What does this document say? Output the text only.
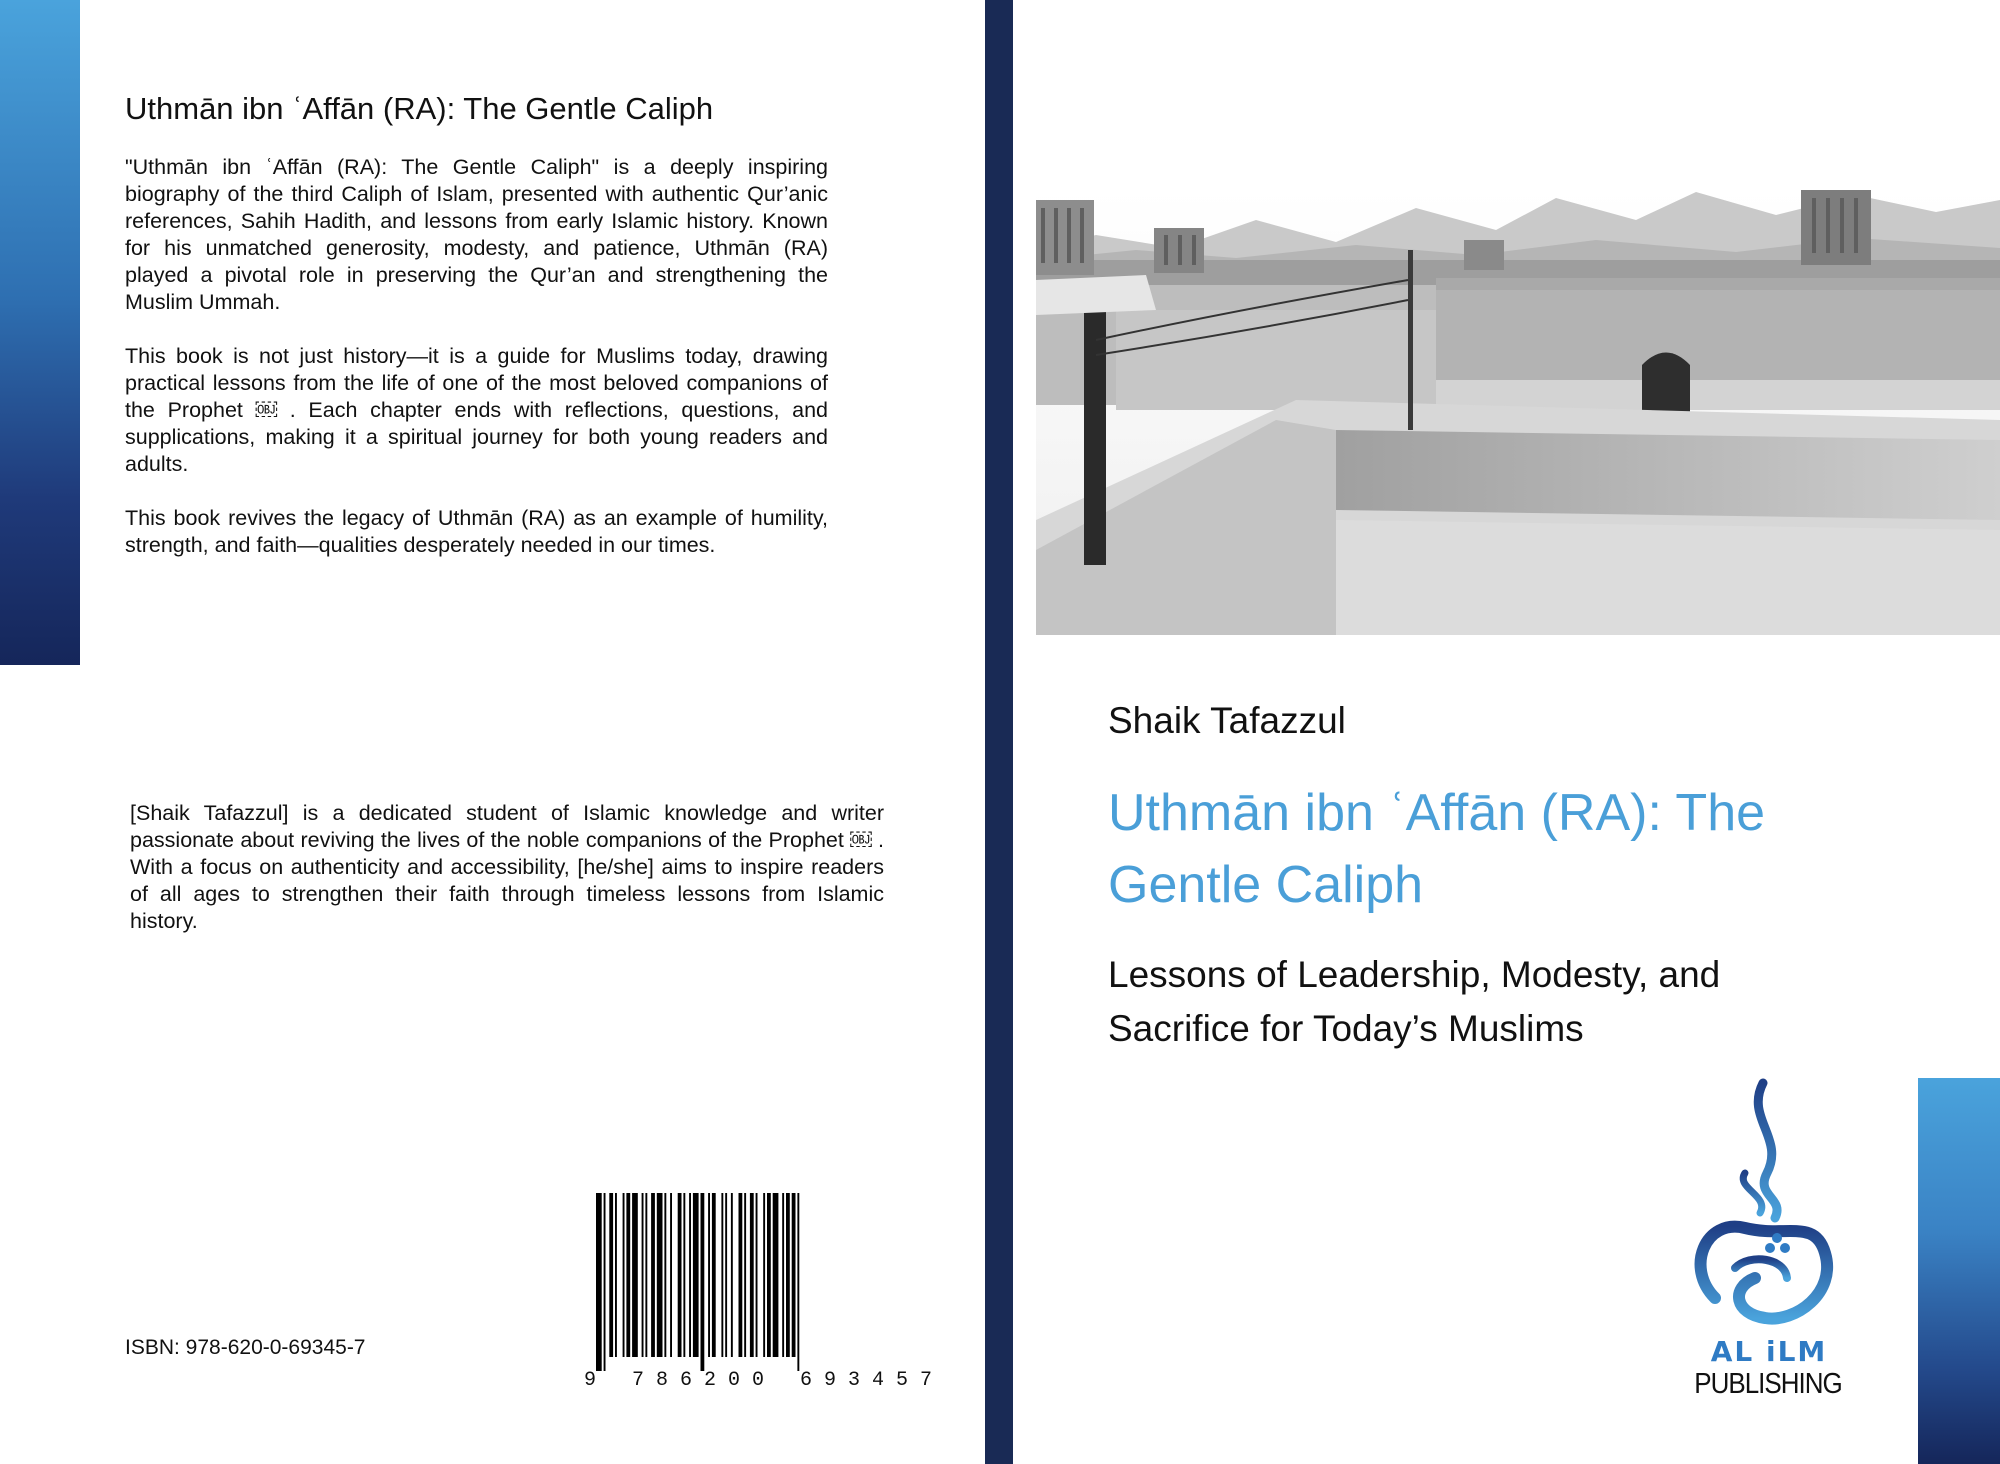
Uthmān ibn ʿAffān (RA): The Gentle Caliph

"Uthmān ibn ʿAffān (RA): The Gentle Caliph" is a deeply inspiring biography of the third Caliph of Islam, presented with authentic Qur’anic references, Sahih Hadith, and lessons from early Islamic history. Known for his unmatched generosity, modesty, and patience, Uthmān (RA) played a pivotal role in preserving the Qur’an and strengthening the Muslim Ummah.

This book is not just history—it is a guide for Muslims today, drawing practical lessons from the life of one of the most beloved companions of the Prophet ￼ . Each chapter ends with reflections, questions, and supplications, making it a spiritual journey for both young readers and adults.

This book revives the legacy of Uthmān (RA) as an example of humility, strength, and faith—qualities desperately needed in our times.

[Shaik Tafazzul] is a dedicated student of Islamic knowledge and writer passionate about reviving the lives of the noble companions of the Prophet ￼ . With a focus on authenticity and accessibility, [he/she] aims to inspire readers of all ages to strengthen their faith through timeless lessons from Islamic history.
ISBN: 978-620-0-69345-7
9 786200 693457
Shaik Tafazzul
Uthmān ibn ʿAffān (RA): The Gentle Caliph
Lessons of Leadership, Modesty, and Sacrifice for Today’s Muslims
AL iLM
PUBLISHING
